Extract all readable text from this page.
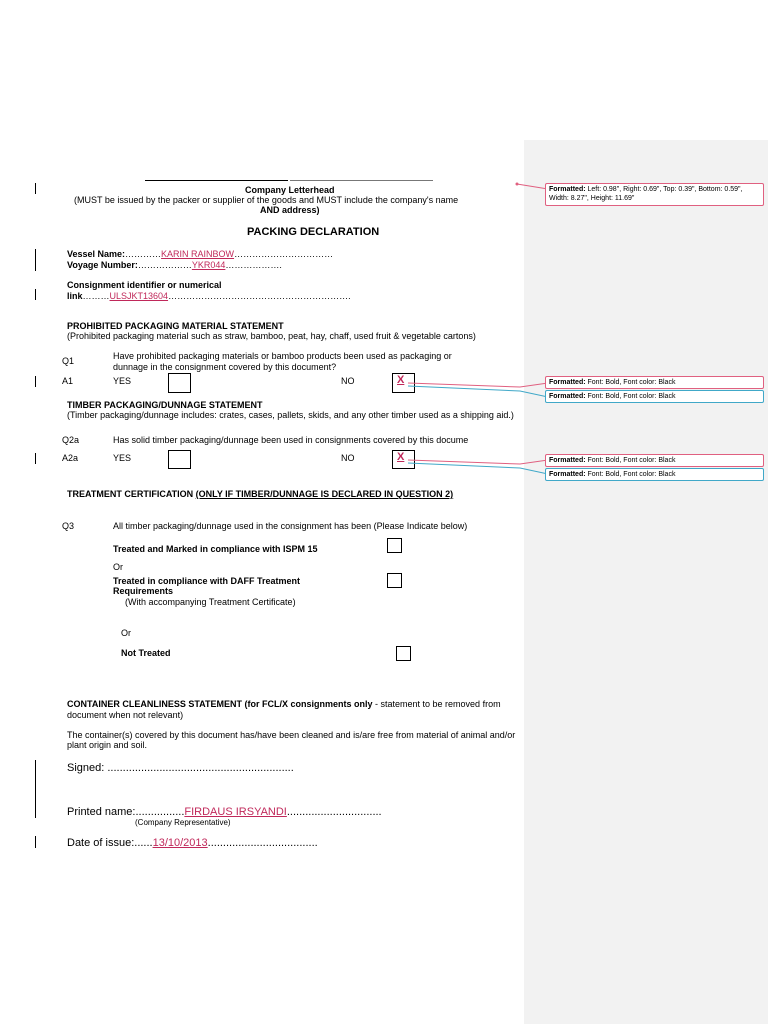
Company Letterhead
(MUST be issued by the packer or supplier of the goods and MUST include the company's name
AND address)
PACKING DECLARATION
Vessel Name:…………KARIN RAINBOW……………………………
Voyage Number:………………YKR044……………….
Consignment identifier or numerical
link………ULSJKT13604…………………………………………………….
PROHIBITED PACKAGING MATERIAL STATEMENT
(Prohibited packaging material such as straw, bamboo, peat, hay, chaff, used fruit & vegetable cartons)
Q1	Have prohibited packaging materials or bamboo products been used as packaging or
dunnage in the consignment covered by this document?
A1	YES	NO	X
TIMBER PACKAGING/DUNNAGE STATEMENT
(Timber packaging/dunnage includes: crates, cases, pallets, skids, and any other timber used as a shipping aid.)
Q2a	Has solid timber packaging/dunnage been used in consignments covered by this docume
A2a	YES	NO	X
TREATMENT CERTIFICATION (ONLY IF TIMBER/DUNNAGE IS DECLARED IN QUESTION 2)
Q3	All timber packaging/dunnage used in the consignment has been (Please Indicate below)
Treated and Marked in compliance with ISPM 15
Or
Treated in compliance with DAFF Treatment
Requirements
(With accompanying Treatment Certificate)
Or
Not Treated
CONTAINER CLEANLINESS STATEMENT (for FCL/X consignments only - statement to be removed from
document when not relevant)
The container(s) covered by this document has/have been cleaned and is/are free from material of animal and/or
plant origin and soil.
Signed: .............................................................
Printed name:................FIRDAUS IRSYANDI...............................
(Company Representative)
Date of issue:......13/10/2013....................................
Formatted: Left: 0.98", Right: 0.69", Top: 0.39", Bottom: 0.59", Width: 8.27", Height: 11.69"
Formatted: Font: Bold, Font color: Black
Formatted: Font: Bold, Font color: Black
Formatted: Font: Bold, Font color: Black
Formatted: Font: Bold, Font color: Black
